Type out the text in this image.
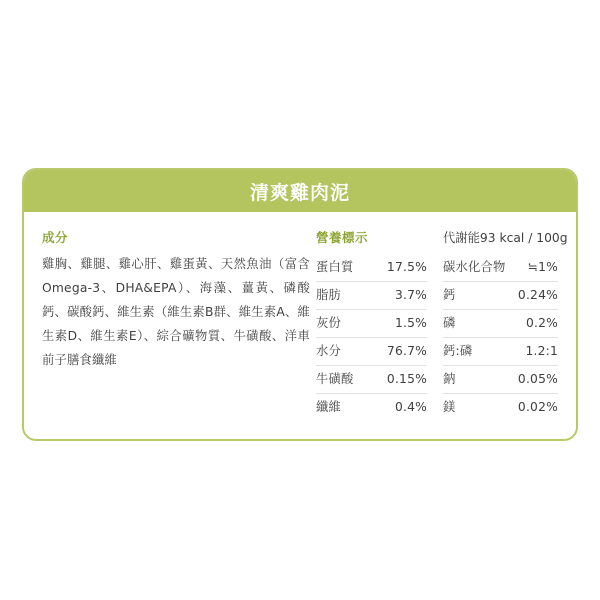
清爽雞肉泥
成分
雞胸、雞腿、雞心肝、雞蛋黃、天然魚油（富含Omega-3、DHA&EPA）、海藻、薑黃、磷酸鈣、碳酸鈣、維生素（維生素B群、維生素A、維生素D、維生素E）、綜合礦物質、牛磺酸、洋車前子膳食纖維
營養標示
蛋白質	17.5%
脂肪	3.7%
灰份	1.5%
水分	76.7%
牛磺酸	0.15%
纖維	0.4%
代謝能 93 kcal / 100g
碳水化合物 ≒1%
鈣	0.24%
磷	0.2%
鈣:磷	1.2:1
鈉	0.05%
鎂	0.02%
